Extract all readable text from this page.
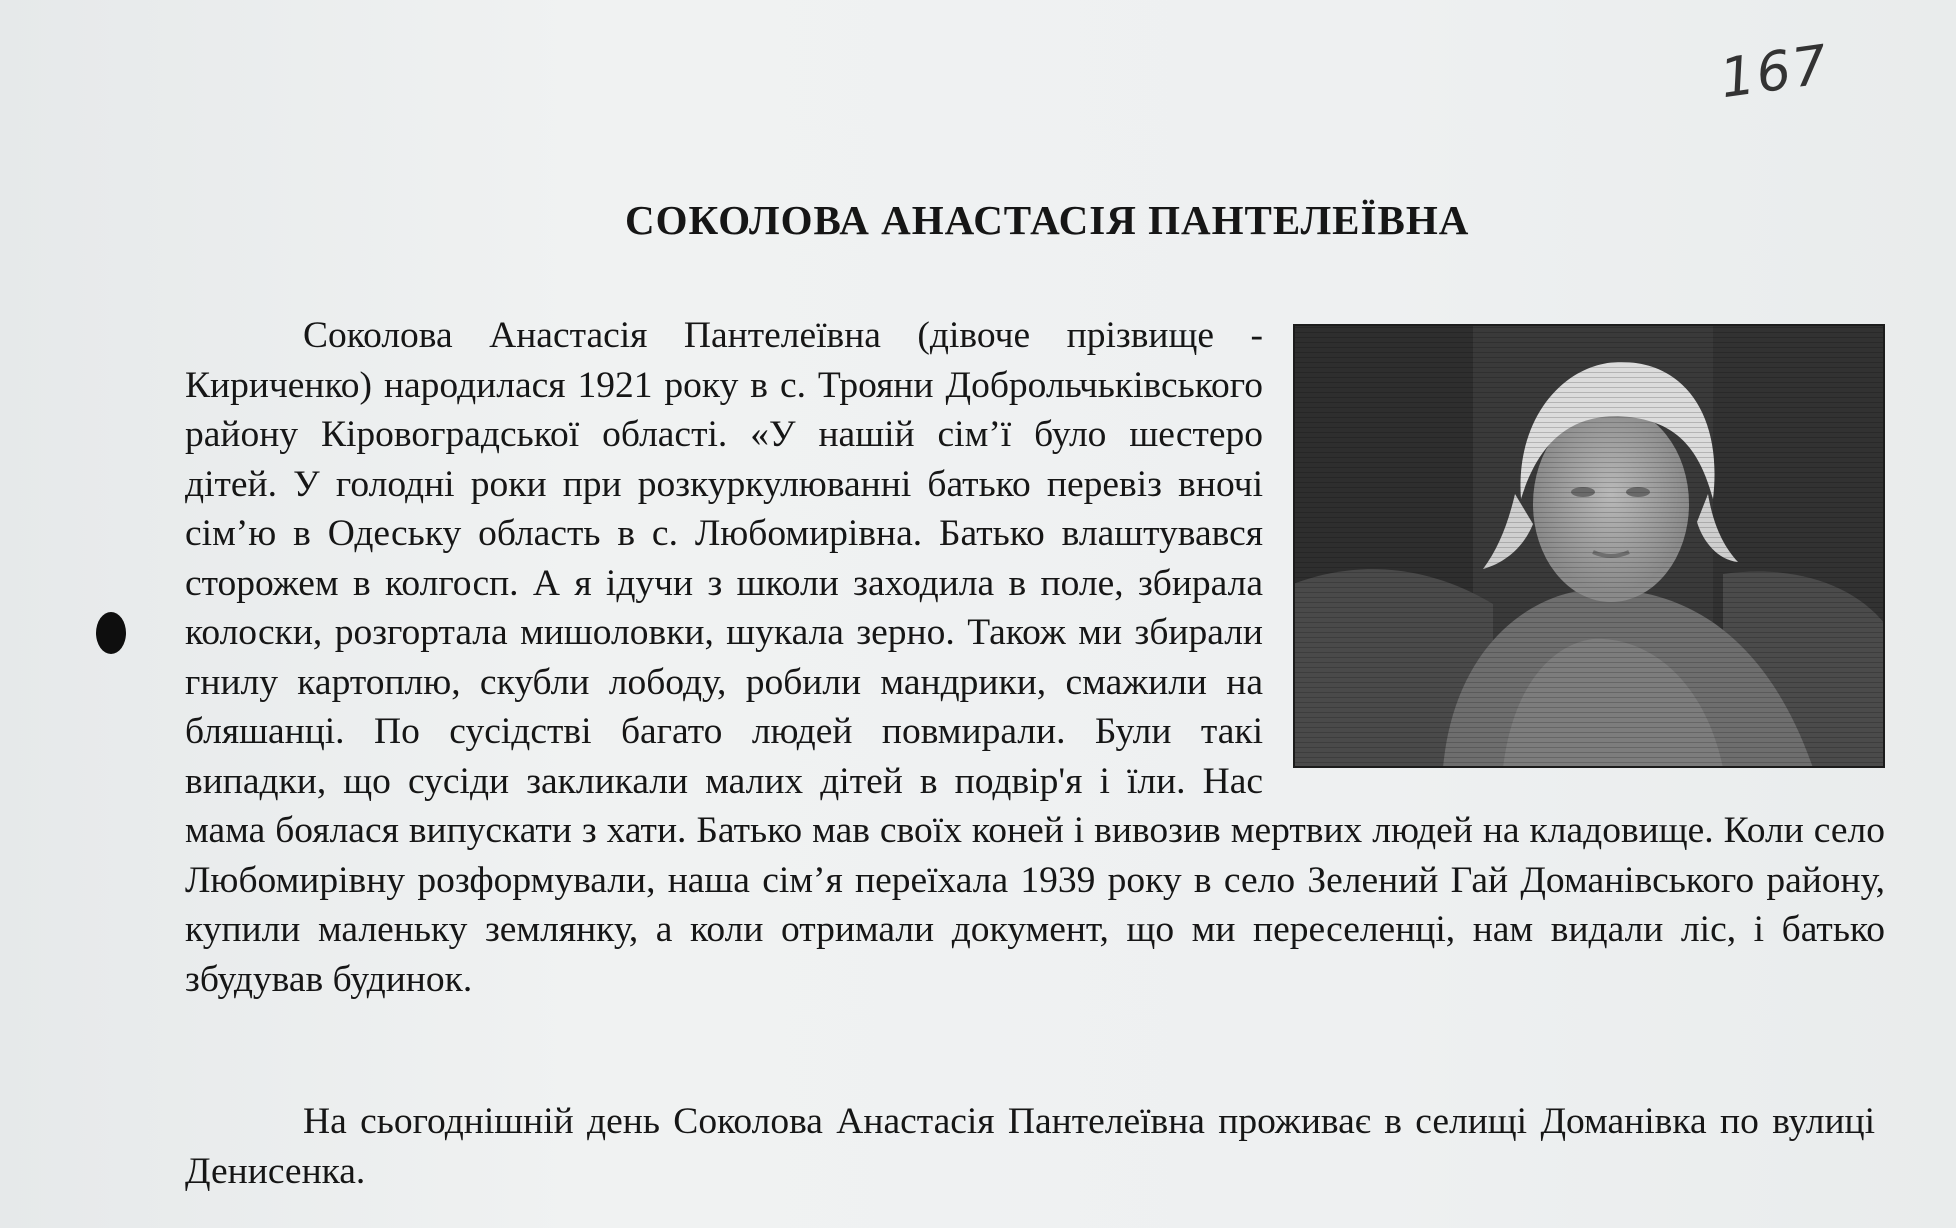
167
СОКОЛОВА АНАСТАСІЯ ПАНТЕЛЕЇВНА
Соколова Анастасія Пантелеївна (дівоче прізвище - Кириченко) народилася 1921 року в с. Трояни Доброльчьківського району Кіровоградської області. «У нашій сім’ї було шестеро дітей. У голодні роки при розкуркулюванні батько перевіз вночі сім’ю в Одеську область в с. Любомирівна. Батько влаштувався сторожем в колгосп. А я ідучи з школи заходила в поле, збирала колоски, розгортала мишоловки, шукала зерно. Також ми збирали гнилу картоплю, скубли лободу, робили мандрики, смажили на бляшанці. По сусідстві багато людей повмирали. Були такі випадки, що сусіди закликали малих дітей в подвір'я і їли. Нас мама боялася випускати з хати. Батько мав своїх коней і вивозив мертвих людей на кладовище. Коли село Любомирівну розформували, наша сім’я переїхала 1939 року в село Зелений Гай Доманівського району, купили маленьку землянку, а коли отримали документ, що ми переселенці, нам видали ліс, і батько збудував будинок.
На сьогоднішній день Соколова Анастасія Пантелеївна проживає в селищі Доманівка по вулиці Денисенка.
